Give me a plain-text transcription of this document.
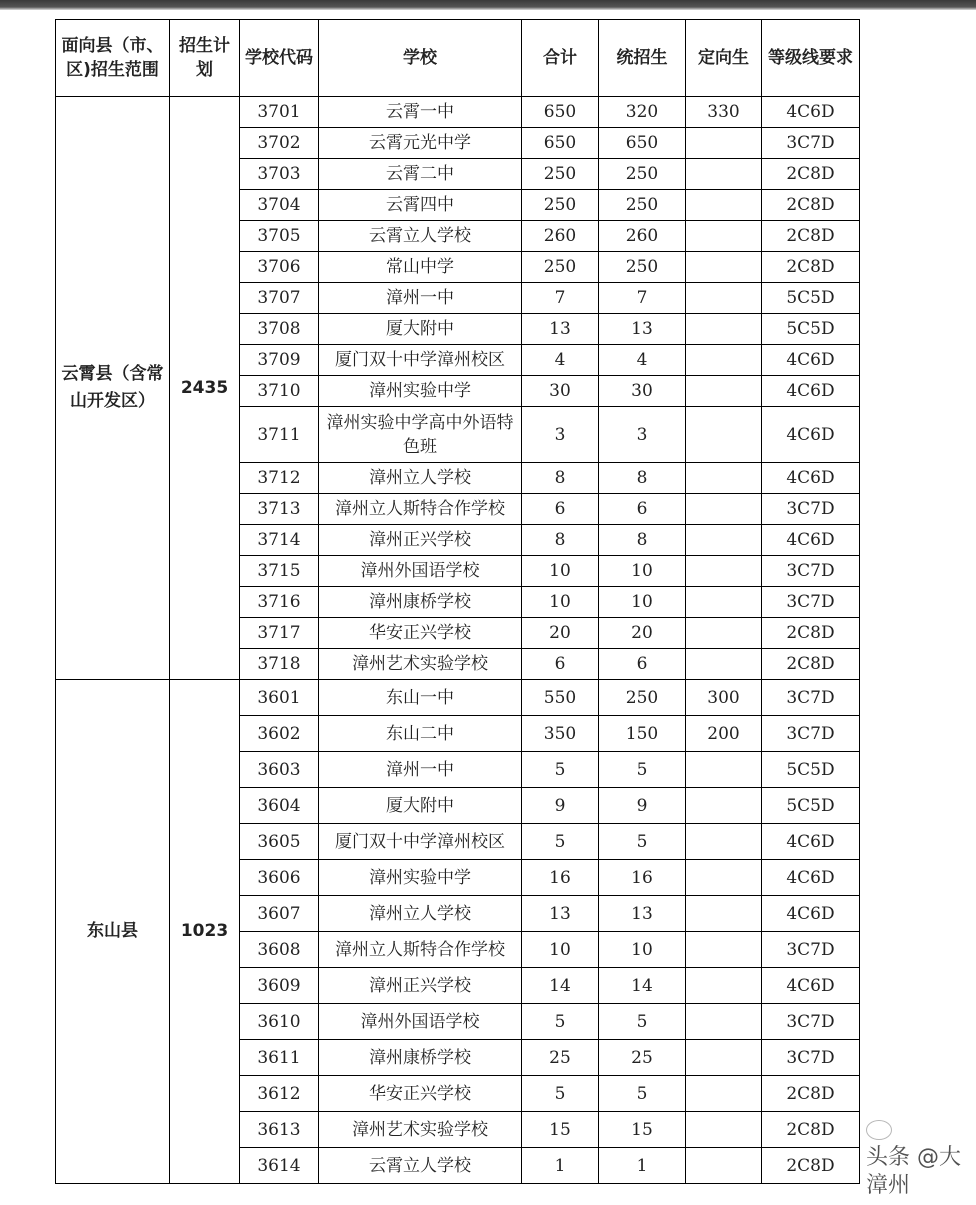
面向县（市、区)招生范围	招生计划	学校代码	学校	合计	统招生	定向生	等级线要求
云霄县（含常山开发区）	2435	3701	云霄一中	650	320	330	4C6D
		3702	云霄元光中学	650	650		3C7D
		3703	云霄二中	250	250		2C8D
		3704	云霄四中	250	250		2C8D
		3705	云霄立人学校	260	260		2C8D
		3706	常山中学	250	250		2C8D
		3707	漳州一中	7	7		5C5D
		3708	厦大附中	13	13		5C5D
		3709	厦门双十中学漳州校区	4	4		4C6D
		3710	漳州实验中学	30	30		4C6D
		3711	漳州实验中学高中外语特色班	3	3		4C6D
		3712	漳州立人学校	8	8		4C6D
		3713	漳州立人斯特合作学校	6	6		3C7D
		3714	漳州正兴学校	8	8		4C6D
		3715	漳州外国语学校	10	10		3C7D
		3716	漳州康桥学校	10	10		3C7D
		3717	华安正兴学校	20	20		2C8D
		3718	漳州艺术实验学校	6	6		2C8D
东山县	1023	3601	东山一中	550	250	300	3C7D
		3602	东山二中	350	150	200	3C7D
		3603	漳州一中	5	5		5C5D
		3604	厦大附中	9	9		5C5D
		3605	厦门双十中学漳州校区	5	5		4C6D
		3606	漳州实验中学	16	16		4C6D
		3607	漳州立人学校	13	13		4C6D
		3608	漳州立人斯特合作学校	10	10		3C7D
		3609	漳州正兴学校	14	14		4C6D
		3610	漳州外国语学校	5	5		3C7D
		3611	漳州康桥学校	25	25		3C7D
		3612	华安正兴学校	5	5		2C8D
		3613	漳州艺术实验学校	15	15		2C8D
		3614	云霄立人学校	1	1		2C8D 头条 @大漳州
